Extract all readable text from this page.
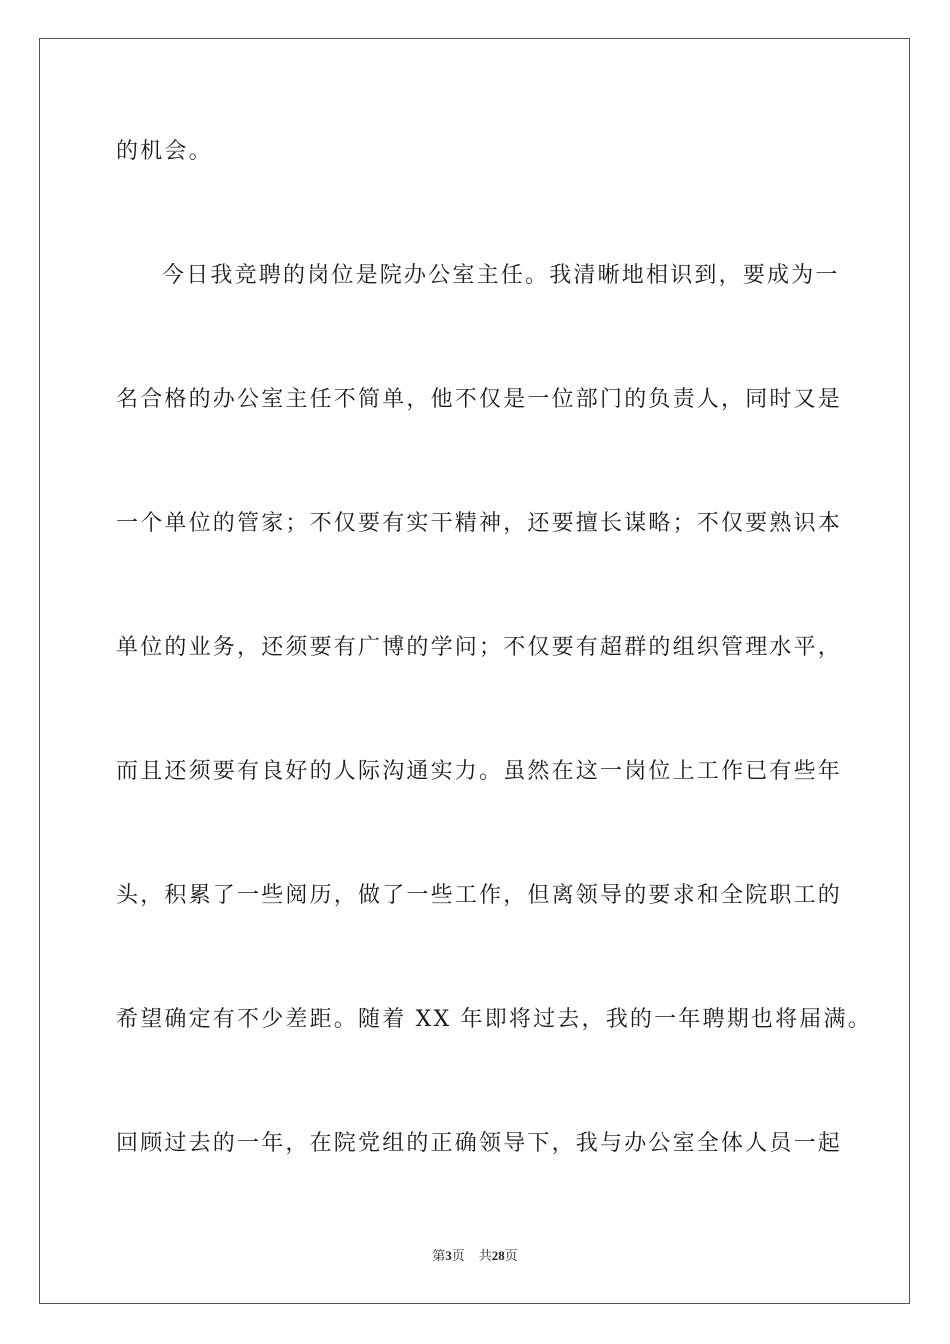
的机会。
今日我竞聘的岗位是院办公室主任。我清晰地相识到，要成为一
名合格的办公室主任不简单，他不仅是一位部门的负责人，同时又是
一个单位的管家；不仅要有实干精神，还要擅长谋略；不仅要熟识本
单位的业务，还须要有广博的学问；不仅要有超群的组织管理水平，
而且还须要有良好的人际沟通实力。虽然在这一岗位上工作已有些年
头，积累了一些阅历，做了一些工作，但离领导的要求和全院职工的
希望确定有不少差距。随着 XX 年即将过去，我的一年聘期也将届满。
回顾过去的一年，在院党组的正确领导下，我与办公室全体人员一起
第3页 共28页
